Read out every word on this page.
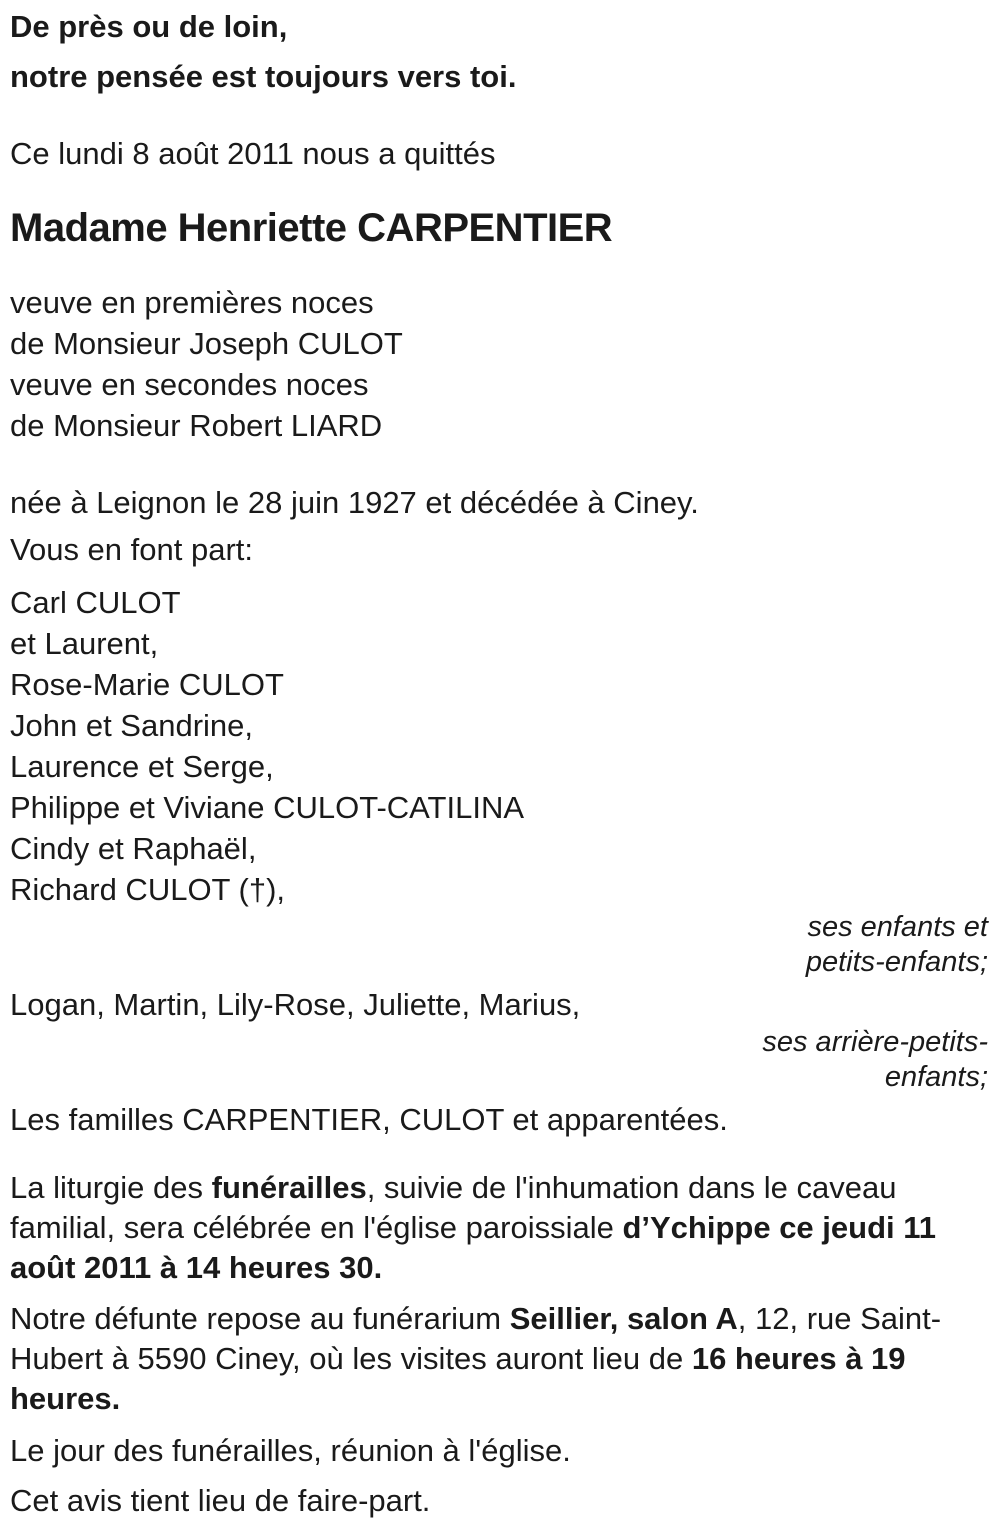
De près ou de loin,

notre pensée est toujours vers toi.

Ce lundi 8 août 2011 nous a quittés

Madame Henriette CARPENTIER
veuve en premières noces
de Monsieur Joseph CULOT
veuve en secondes noces
de Monsieur Robert LIARD

née à Leignon le 28 juin 1927 et décédée à Ciney.

Vous en font part:

Carl CULOT
et Laurent,
Rose-Marie CULOT
John et Sandrine,
Laurence et Serge,
Philippe et Viviane CULOT-CATILINA
Cindy et Raphaël,
Richard CULOT (†),
ses enfants et
petits-enfants;

Logan, Martin, Lily-Rose, Juliette, Marius,

ses arrière-petits-
enfants;

Les familles CARPENTIER, CULOT et apparentées.

La liturgie des funérailles, suivie de l'inhumation dans le caveau familial, sera célébrée en l'église paroissiale d’Ychippe ce jeudi 11 août 2011 à 14 heures 30.

Notre défunte repose au funérarium Seillier, salon A, 12, rue Saint-Hubert à 5590 Ciney, où les visites auront lieu de 16 heures à 19 heures.

Le jour des funérailles, réunion à l'église.

Cet avis tient lieu de faire-part.
